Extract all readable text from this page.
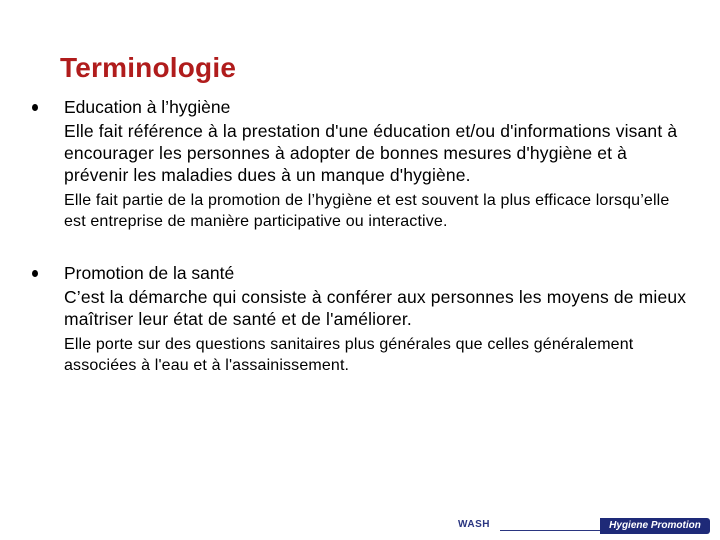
Terminologie

Education à l’hygiène

Elle fait référence à la prestation d'une éducation et/ou d'informations visant à encourager les personnes à adopter de bonnes mesures d'hygiène et à prévenir les maladies dues à un manque d'hygiène.

Elle fait partie de la promotion de l’hygiène et est souvent la plus efficace lorsqu’elle est entreprise de manière participative ou interactive.

Promotion de la santé

C’est la démarche qui consiste à conférer aux personnes les moyens de mieux maîtriser leur état de santé et de l'améliorer.

Elle porte sur des questions sanitaires plus générales que celles généralement associées à l'eau et à l'assainissement.

WASH	Hygiene Promotion
